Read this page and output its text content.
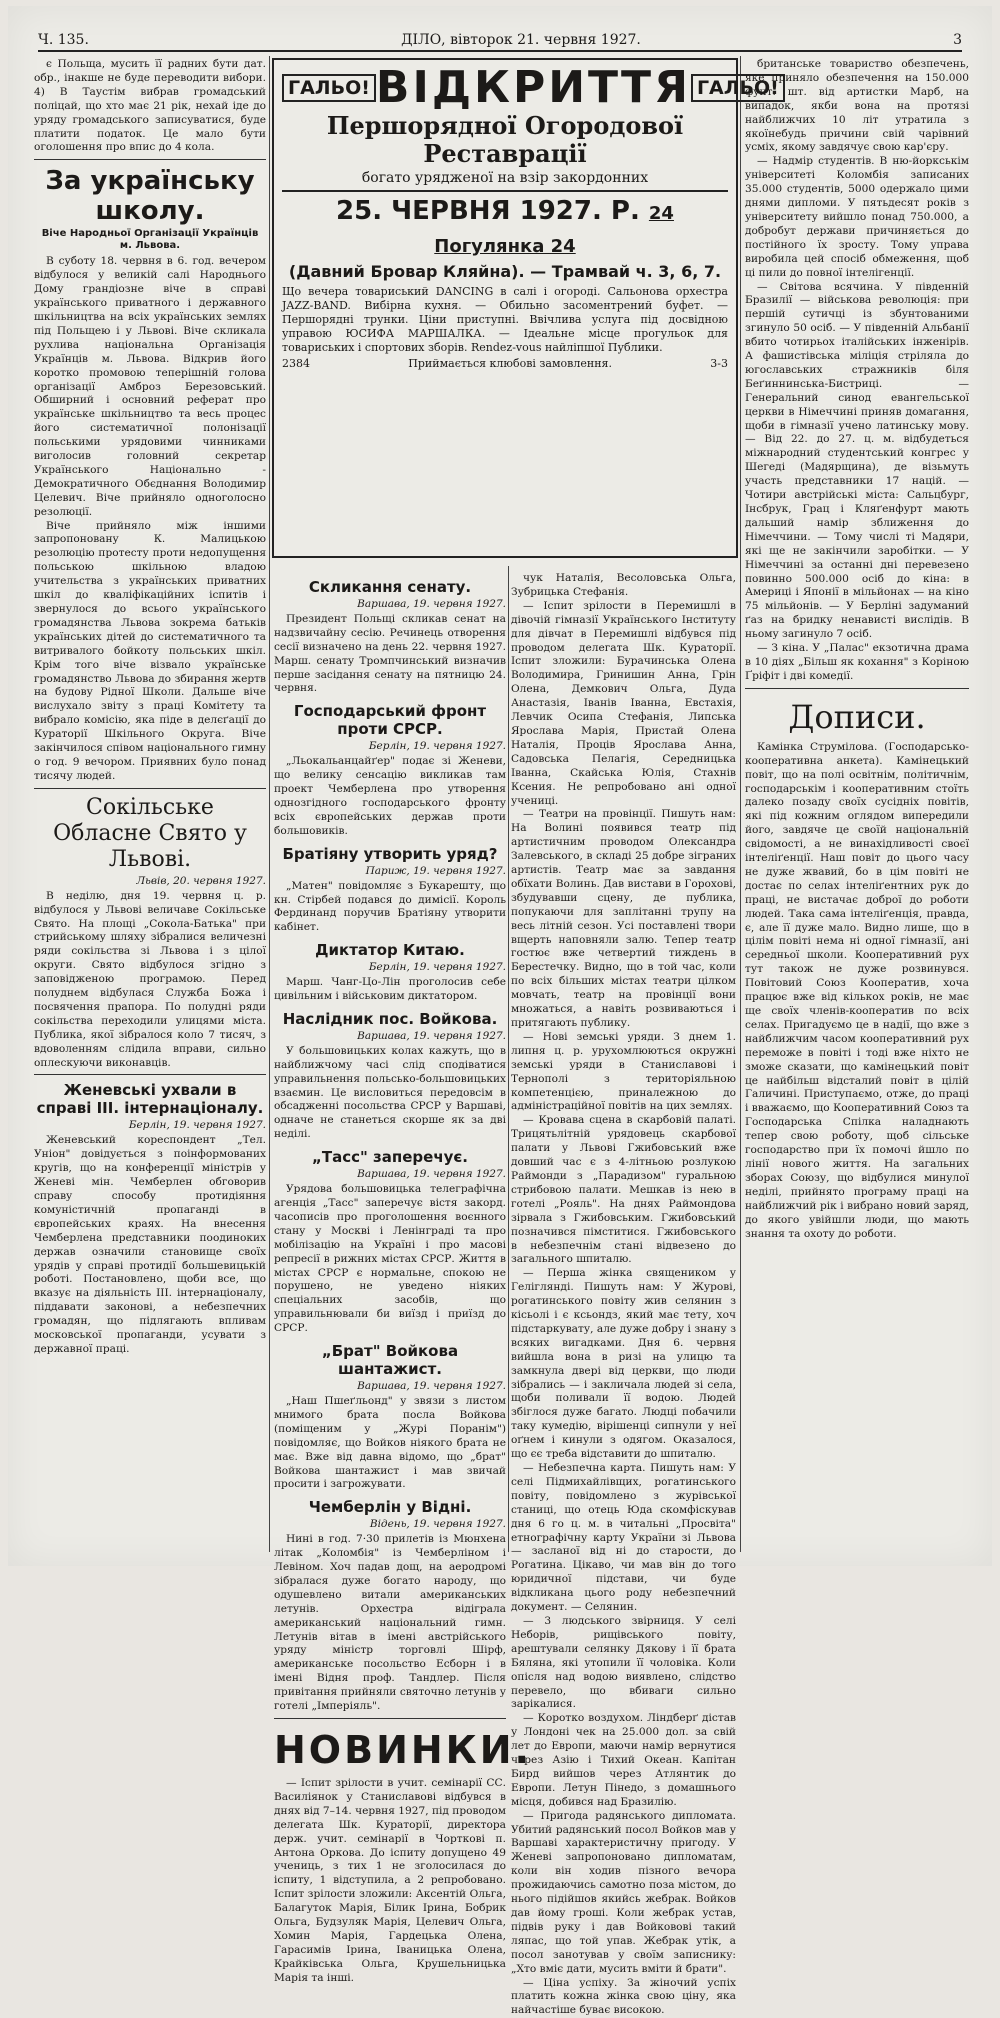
Ч. 135.	ДІЛО, вівторок 21. червня 1927.	3

є Польща, мусить її радних бути дат. обр., інакше не буде переводити вибори. 4) В Таустім вибрав громадський поліцай, що хто має 21 рік, нехай іде до уряду громадського записуватися, буде платити податок. Це мало бути оголошення про впис до 4 кола.

За українську школу.
Віче Народньої Організації Українців м. Львова.

В суботу 18. червня в 6. год. вечером відбулося у великій салі Народнього Дому грандіозне віче в справі українського приватного і державного шкільництва на всіх українських землях під Польщею і у Львові. Віче скликала рухлива національна Організація Українців м. Львова. Відкрив його коротко промовою теперішній голова організації Амброз Березовський. Обширний і основний реферат про українське шкільництво та весь процес його систематичної полонізації польськими урядовими чинниками виголосив головний секретар Українського Національно - Демократичного Обєднання Володимир Целевич. Віче прийняло одноголосно резолюції.

Віче прийняло між іншими запропоновану К. Малицькою резолюцію протесту проти недопущення польською шкільною владою учительства з українських приватних шкіл до кваліфікаційних іспитів і звернулося до всього українського громадянства Львова зокрема батьків українських дітей до систематичного та витривалого бойкоту польських шкіл. Крім того віче візвало українське громадянство Львова до збирання жертв на будову Рідної Школи. Дальше віче вислухало звіту з праці Комітету та вибрало комісію, яка піде в делєґації до Кураторії Шкільного Округа. Віче закінчилося співом національного гимну о год. 9 вечором. Приявних було понад тисячу людей.

Сокільське Обласне Свято у Львові.
Львів, 20. червня 1927.

В неділю, дня 19. червня ц. р. відбулося у Львові величаве Сокільське Свято. На площі „Сокола-Батька" при стрийському шляху зібралися величезні ряди сокільства зі Львова і з цілої округи. Свято відбулося згідно з заповідженою програмою. Перед полуднем відбулася Служба Божа і посвячення прапора. По полудні ряди сокільства переходили улицями міста. Публика, якої зібралося коло 7 тисяч, з вдоволенням слідила вправи, сильно оплескуючи виконавців.

Женевські ухвали в справі III. інтернаціоналу.
Берлін, 19. червня 1927.

Женевський кореспондент „Тел. Уніон" довідується з поінформованих кругів, що на конференції міністрів у Женеві мін. Чемберлен обговорив справу способу протидіяння комуністичній пропаганді в європейських краях. На внесення Чемберлена представники поодиноких держав означили становище своїх урядів у справі протидії большевицькій роботі. Постановлено, щоби все, що вказує на діяльність III. інтернаціоналу, піддавати законові, а небезпечних громадян, що підлягають впливам московської пропаганди, усувати з державної праці.

ГАЛЬО! ВІДКРИТТЯ ГАЛЬО!
Першорядної Огородової Реставрації
богато урядженої на взір закордонних
25. ЧЕРВНЯ 1927. Р. 24 Погулянка 24
(Давний Бровар Кляйна). — Трамвай ч. 3, 6, 7.
Що вечера товариський DANCING в салі і огороді. Сальонова орхестра JAZZ-BAND. Вибірна кухня. — Обильно засоментрений буфет. — Першорядні трунки. Ціни приступні. Ввічлива услуга під досвідною управою ЮСИФА МАРШАЛКА. — Ідеальне місце прогульок для товариських і спортових зборів. Rendez-vous найліпшої Публики.
2384	Приймається клюбові замовлення.	3-3
Скликання сенату.
Варшава, 19. червня 1927.

Президент Польщі скликав сенат на надзвичайну сесію. Речинець отворення сесії визначено на день 22. червня 1927. Марш. сенату Тромпчинський визначив перше засідання сенату на пятницю 24. червня.

Господарський фронт проти СРСР.
Берлін, 19. червня 1927.

„Льокальанцайґер" подає зі Женеви, що велику сенсацію викликав там проект Чемберлена про утворення однозгідного господарського фронту всіх європейських держав проти большовиків.

Братіяну утворить уряд?
Париж, 19. червня 1927.

„Матен" повідомляє з Букарешту, що кн. Стірбей подався до димісії. Король Фердинанд поручив Братіяну утворити кабінет.

Диктатор Китаю.
Берлін, 19. червня 1927.

Марш. Чанг-Цо-Лін проголосив себе цивільним і військовим диктатором.

Наслідник пос. Войкова.
Варшава, 19. червня 1927.

У большовицьких колах кажуть, що в найближчому часі слід сподіватися управильнення польсько-большовицьких взаємин. Це висловиться передовсім в обсадженні посольства СРСР у Варшаві, одначе не станеться скорше як за дві неділі.

„Тасс" заперечує.
Варшава, 19. червня 1927.

Урядова большовицька телеграфічна агенція „Тасс" заперечує вістя закорд. часописів про проголошення воєнного стану у Москві і Ленінграді та про мобілізацію на Україні і про масові репресії в рижних містах СРСР. Життя в містах СРСР є нормальне, спокою не порушено, не уведено ніяких спеціальних засобів, що управильнювали би виїзд і приїзд до СРСР.

„Брат" Войкова шантажист.
Варшава, 19. червня 1927.

„Наш Пшеґльонд" у звязи з листом мнимого брата посла Войкова (поміщеним у „Журі Поранім") повідомляє, що Войков ніякого брата не має. Вже від давна відомо, що „брат" Войкова шантажист і мав звичай просити і загрожувати.

Чемберлін у Відні.
Відень, 19. червня 1927.

Нині в год. 7·30 прилетів із Мюнхена літак „Коломбія" із Чемберліном і Левіном. Хоч падав дощ, на аеродромі зібралася дуже богато народу, що одушевлено витали американських летунів. Орхестра відіграла американський національний гимн. Летунів вітав в імені австрійського уряду міністр торговлі Шірф, американське посольство Есборн і в імені Відня проф. Тандлер. Після привітання прийняли святочно летунів у готелі „Імперіяль".

НОВИНКИ.

— Іспит зрілости в учит. семінарії СС. Василіянок у Станиславові відбувся в днях від 7–14. червня 1927, під проводом делегата Шк. Кураторії, директора держ. учит. семінарії в Чорткові п. Антона Оркова. До іспиту допущено 49 учениць, з тих 1 не зголосилася до іспиту, 1 відступила, а 2 репробовано. Іспит зрілости зложили: Аксентій Ольга, Балагуток Марія, Білик Ірина, Бобрик Ольга, Будзуляк Марія, Целевич Ольга, Хомин Марія, Гардецька Олена, Гарасимів Ірина, Іваницька Олена, Крайківська Ольга, Крушельницька Марія та інші.

чук Наталія, Весоловська Ольга, Зубрицька Стефанія.

— Іспит зрілости в Перемишлі в дівочій гімназії Українського Інституту для дівчат в Перемишлі відбувся під проводом делегата Шк. Кураторії. Іспит зложили: Бурачинська Олена Володимира, Гринишин Анна, Грін Олена, Демкович Ольга, Дуда Анастазія, Іванів Іванна, Евстахія, Левчик Осипа Стефанія, Липська Ярослава Марія, Пристай Олена Наталія, Проців Ярослава Анна, Садовська Пелагія, Середницька Іванна, Скайська Юлія, Стахнів Ксения. Не репробовано ані одної учениці.

— Театри на провінції. Пишуть нам: На Волині появився театр під артистичним проводом Олександра Залевського, в складі 25 добре зіграних артистів. Театр має за завдання обїхати Волинь. Дав вистави в Горохові, збудувавши сцену, де публика, попукаючи для заплітанні трупу на весь літній сезон. Усі поставлені твори вщерть наповняли залю. Тепер театр гостює вже четвертий тиждень в Берестечку. Видно, що в той час, коли по всіх більших містах театри цілком мовчать, театр на провінції вони множаться, а навіть розвиваються і притягають публику.

— Нові земські уряди. З днем 1. липня ц. р. урухомлюються окружні земські уряди в Станиславові і Тернополі з територіяльною компетенцією, приналежною до адміністраційної повітів на цих землях.

— Кровава сцена в скарбовій палаті. Трицятьлітній урядовець скарбової палати у Львові Гжибовський вже довший час є з 4-літньою розлукою Раймонди з „Парадизом" гуральною стрибовою палати. Мешкав із нею в готелі „Рояль". На днях Раймондова зірвала з Гжибовським. Гжибовський позначився пімститися. Гжибовського в небезпечнім стані відвезено до загального шпиталю.

— Перша жінка священиком у Геліглянді. Пишуть нам: У Журові, рогатинського повіту жив селянин з кісьолі і є ксьондз, який має тету, хоч підстаркувату, але дуже добру і знану з всяких вигадками. Дня 6. червня вийшла вона в ризі на улицю та замкнула двері від церкви, що люди зібрались — і закличала людей зі села, щоби поливали її водою. Людей збіглося дуже багато. Людці побачили таку кумедію, вірішенці сипнули у неї оґнем і кинули з одягом. Оказалося, що єє треба відставити до шпиталю.

— Небезпечна карта. Пишуть нам: У селі Підмихайлівщих, рогатинського повіту, повідомлено з журівської станиці, що отець Юда скомфіскував дня 6 го ц. м. в читальні „Просвіта" етнографічну карту України зі Львова — засланої від ні до старости, до Рогатина. Цікаво, чи мав він до того юридичної підстави, чи буде відкликана цього роду небезпечний документ. — Селянин.

— 3 людського звірниця. У селі Неборів, рищівського повіту, арештували селянку Дякову і її брата Бяляна, які утопили її чоловіка. Коли опісля над водою виявлено, слідство перевело, що вбиваги сильно зарікалися.

— Коротко воздухом. Ліндберґ дістав у Лондоні чек на 25.000 дол. за свій лет до Европи, маючи намір вернутися через Азію і Тихий Океан. Капітан Бирд вийшов через Атлянтик до Европи. Летун Пінедо, з домашнього місця, добився над Бразилію.

— Пригода радянського дипломата. Убитий радянський посол Войков мав у Варшаві характеристичну пригоду. У Женеві запропоновано дипломатам, коли він ходив пізного вечора прожидаючись самотно поза містом, до нього підійшов якийсь жебрак. Войков дав йому гроші. Коли жебрак устав, підвів руку і дав Войковові такий ляпас, що той упав. Жебрак утік, а посол занотував у своїм записнику: „Хто вміє дати, мусить вміти й брати".

— Ціна успіху. За жіночий успіх платить кожна жінка свою ціну, яка найчастіше буває високою.

британське товариство обезпечень, яке приняло обезпечення на 150.000 фунт. шт. від артистки Марб, на випадок, якби вона на протязі найближчих 10 літ утратила з якоїнебудь причини свій чарівний усміх, якому завдячує свою кар'єру.

— Надмір студентів. В ню-йоркськім університеті Коломбія записаних 35.000 студентів, 5000 одержало цими днями дипломи. У пятьдесят років з університету вийшло понад 750.000, а добробут держави причиняється до постійного їх зросту. Тому управа виробила цей спосіб обмеження, щоб ці пили до повної інтелігенції.

— Світова всячина. У південній Бразилії — військова революція: при першій сутичці із збунтованими згинуло 50 осіб. — У південній Альбанії вбито чотирьох італійських інженірів. А фашистівська міліція стріляла до югославських стражників біля Беґиннинська-Бистриці. — Генеральний синод евангельської церкви в Німеччині приняв домагання, щоби в гімназії учено латинську мову. — Від 22. до 27. ц. м. відбудеться міжнародний студентський конгрес у Шегеді (Мадярщина), де візьмуть участь представники 17 націй. — Чотири австрійські міста: Сальцбург, Інсбрук, Грац і Кляґенфурт мають дальший намір зближення до Німеччини. — Тому числі ті Мадяри, які ще не закінчили заробітки. — У Німеччині за останні дні перевезено повинно 500.000 осіб до кіна: в Америці і Японії в мільйонах — на кіно 75 мільйонів. — У Берліні задуманий ґаз на бридку ненависті вислідів. В ньому загинуло 7 осіб.

— З кіна. У „Палас" екзотична драма в 10 діях „Більш як кохання" з Коріною Ґріфіт і дві комедії.

Дописи.

Камінка Струмілова. (Господарсько-кооперативна анкета). Камінецький повіт, що на полі освітнім, політичнім, господарськім і кооперативним стоїть далеко позаду своїх сусідніх повітів, які під кожним оглядом випередили його, завдяче це своїй національній свідомості, а не винахідливості своєї інтеліґенції. Наш повіт до цього часу не дуже жвавий, бо в цім повіті не достає по селах інтеліґентних рук до праці, не вистачає доброї до роботи людей. Така сама інтеліґенція, правда, є, але її дуже мало. Видно лише, що в цілім повіті нема ні одної гімназії, ані середньої школи. Кооперативний рух тут також не дуже розвинувся. Повітовий Союз Кооператив, хоча працює вже від кількох років, не має ще своїх членів-кооператив по всіх селах. Пригадуємо це в надії, що вже з найближчим часом кооперативний рух переможе в повіті і тоді вже ніхто не зможе сказати, що камінецький повіт це найбільш відсталий повіт в цілій Галичині. Приступаємо, отже, до праці і вважаємо, що Кооперативний Союз та Господарська Спілка наладнають тепер свою роботу, щоб сільське господарство при їх помочі йшло по лінії нового життя. На загальних зборах Союзу, що відбулися минулої неділі, прийнято програму праці на найближчий рік і вибрано новий заряд, до якого увійшли люди, що мають знання та охоту до роботи.
